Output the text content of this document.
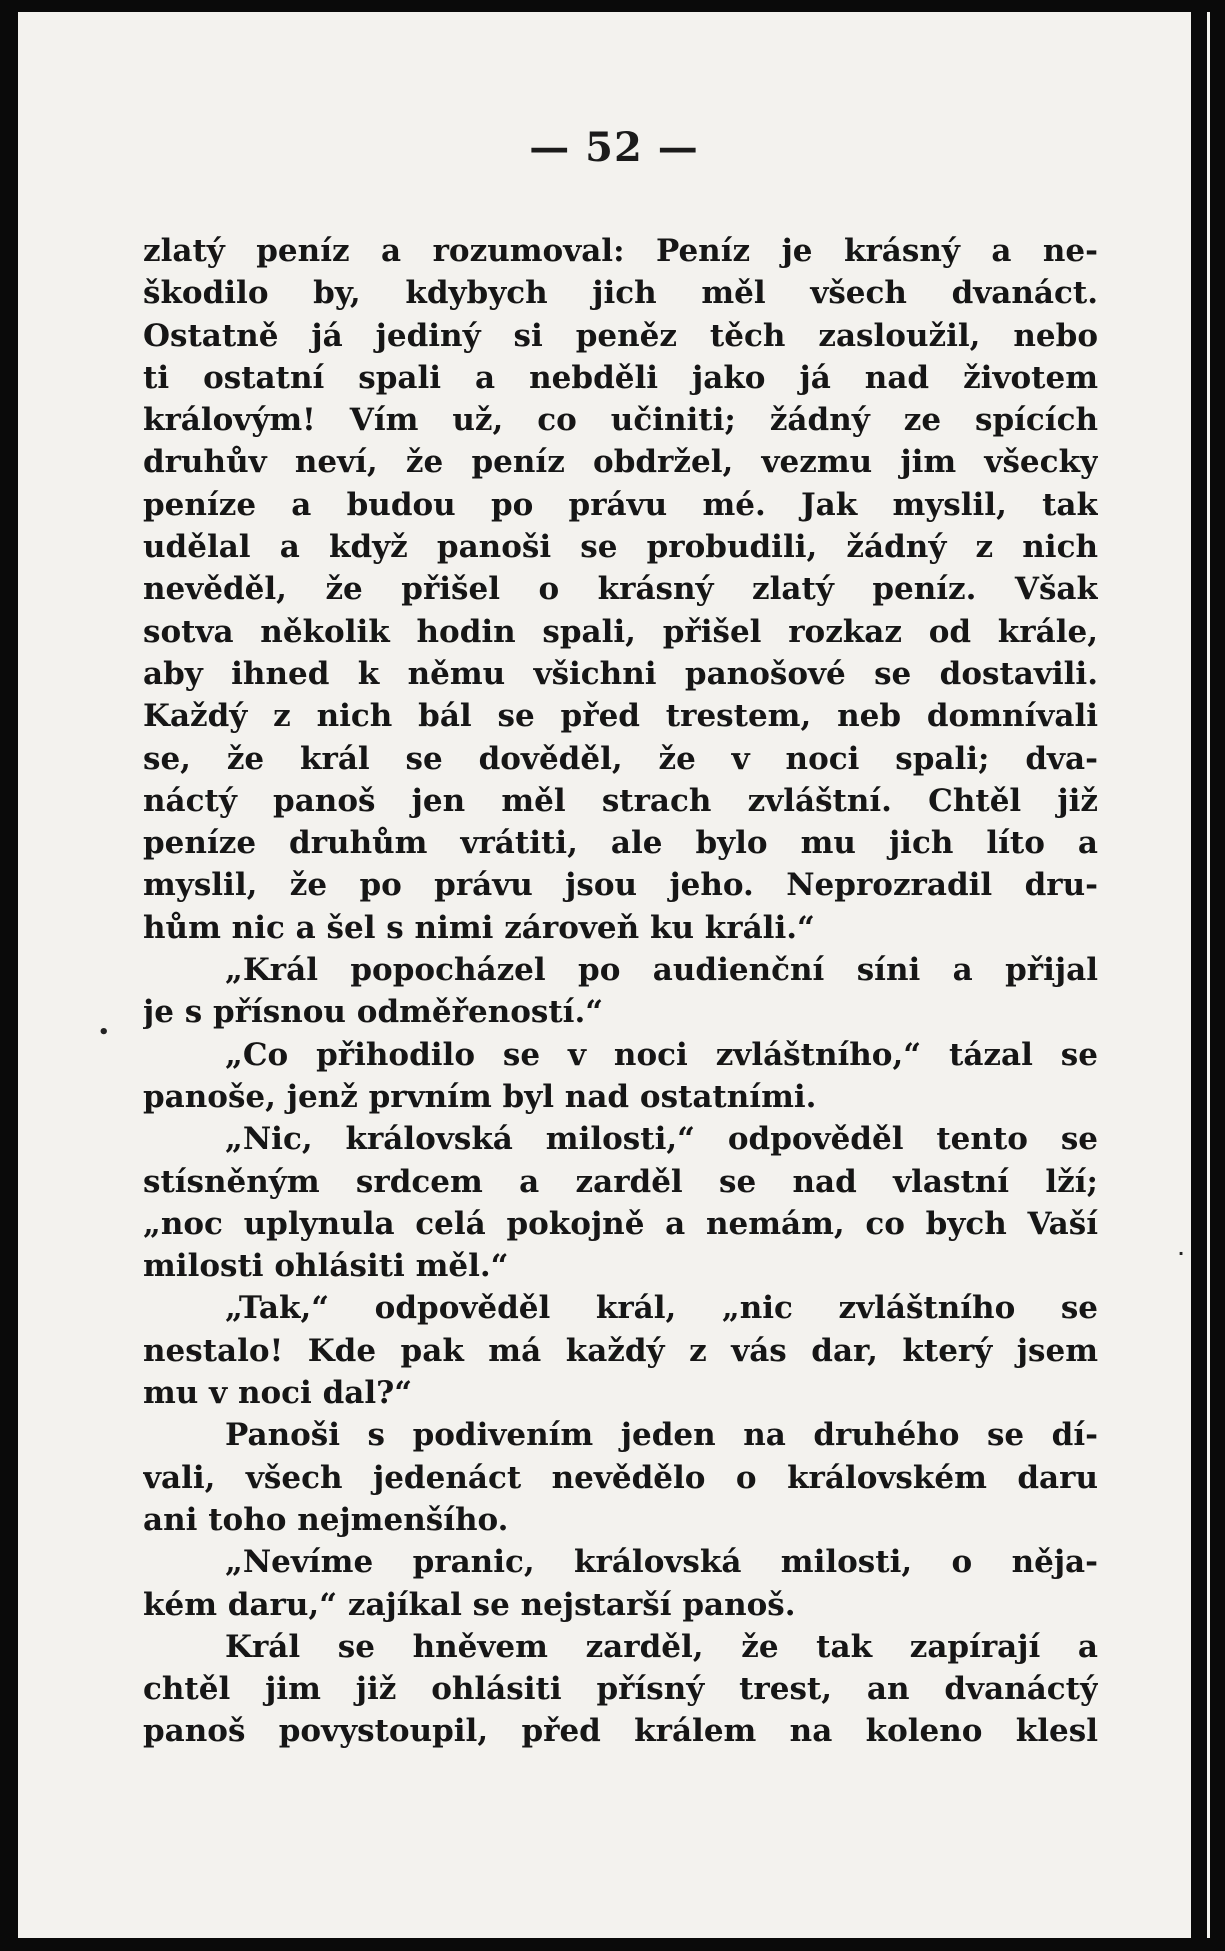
— 52 —
zlatý peníz a rozumoval: Peníz je krásný a ne-
škodilo by, kdybych jich měl všech dvanáct.
Ostatně já jediný si peněz těch zasloužil, nebo
ti ostatní spali a nebděli jako já nad životem
královým! Vím už, co učiniti; žádný ze spících
druhův neví, že peníz obdržel, vezmu jim všecky
peníze a budou po právu mé. Jak myslil, tak
udělal a když panoši se probudili, žádný z nich
nevěděl, že přišel o krásný zlatý peníz. Však
sotva několik hodin spali, přišel rozkaz od krále,
aby ihned k němu všichni panošové se dostavili.
Každý z nich bál se před trestem, neb domnívali
se, že král se dověděl, že v noci spali; dva-
náctý panoš jen měl strach zvláštní. Chtěl již
peníze druhům vrátiti, ale bylo mu jich líto a
myslil, že po právu jsou jeho. Neprozradil dru-
hům nic a šel s nimi zároveň ku králi.“
„Král popocházel po audienční síni a přijal
je s přísnou odměřeností.“
„Co přihodilo se v noci zvláštního,“ tázal se
panoše, jenž prvním byl nad ostatními.
„Nic, královská milosti,“ odpověděl tento se
stísněným srdcem a zarděl se nad vlastní lží;
„noc uplynula celá pokojně a nemám, co bych Vaší
milosti ohlásiti měl.“
„Tak,“ odpověděl král, „nic zvláštního se
nestalo! Kde pak má každý z vás dar, který jsem
mu v noci dal?“
Panoši s podivením jeden na druhého se dí-
vali, všech jedenáct nevědělo o královském daru
ani toho nejmenšího.
„Nevíme pranic, královská milosti, o něja-
kém daru,“ zajíkal se nejstarší panoš.
Král se hněvem zarděl, že tak zapírají a
chtěl jim již ohlásiti přísný trest, an dvanáctý
panoš povystoupil, před králem na koleno klesl
•
·
